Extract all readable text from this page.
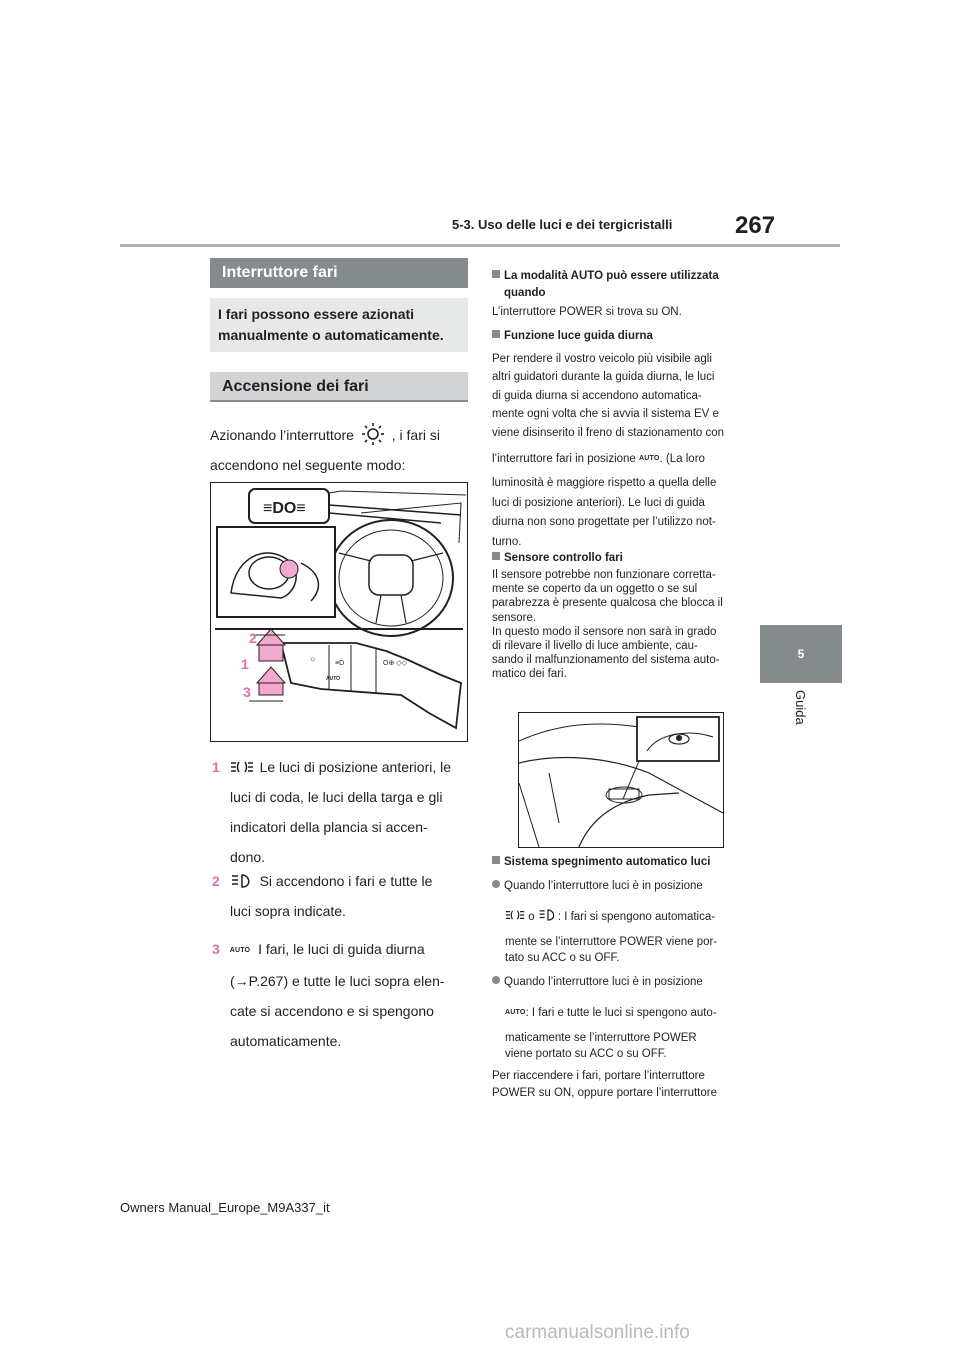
5-3. Uso delle luci e dei tergicristalli	267
5
Guida
Interruttore fari
I fari possono essere azionati
manualmente o automaticamente.
Accensione dei fari
Azionando l’interruttore	, i fari si
accendono nel seguente modo:
≡DO≡
☼
≡D
AUTO
O⊕ ◇◇
2
1
3
1	Le luci di posizione anteriori, le
luci di coda, le luci della targa e gli
indicatori della plancia si accen-
dono.
2	Si accendono i fari e tutte le
luci sopra indicate.
3 AUTO I fari, le luci di guida diurna
(→P.267) e tutte le luci sopra elen-
cate si accendono e si spengono
automaticamente.
La modalità AUTO può essere utilizzata
quando
L’interruttore POWER si trova su ON.
Funzione luce guida diurna
Per rendere il vostro veicolo più visibile agli
altri guidatori durante la guida diurna, le luci
di guida diurna si accendono automatica-
mente ogni volta che si avvia il sistema EV e
viene disinserito il freno di stazionamento con
l’interruttore fari in posizione AUTO. (La loro
luminosità è maggiore rispetto a quella delle
luci di posizione anteriori). Le luci di guida
diurna non sono progettate per l’utilizzo not-
turno.
Sensore controllo fari
Il sensore potrebbe non funzionare corretta-
mente se coperto da un oggetto o se sul
parabrezza è presente qualcosa che blocca il
sensore.
In questo modo il sensore non sarà in grado
di rilevare il livello di luce ambiente, cau-
sando il malfunzionamento del sistema auto-
matico dei fari.
Sistema spegnimento automatico luci
Quando l’interruttore luci è in posizione
o : I fari si spengono automatica-
mente se l’interruttore POWER viene por-
tato su ACC o su OFF.
Quando l’interruttore luci è in posizione
AUTO: I fari e tutte le luci si spengono auto-
maticamente se l’interruttore POWER
viene portato su ACC o su OFF.
Per riaccendere i fari, portare l’interruttore
POWER su ON, oppure portare l’interruttore
Owners Manual_Europe_M9A337_it
carmanualsonline.info
